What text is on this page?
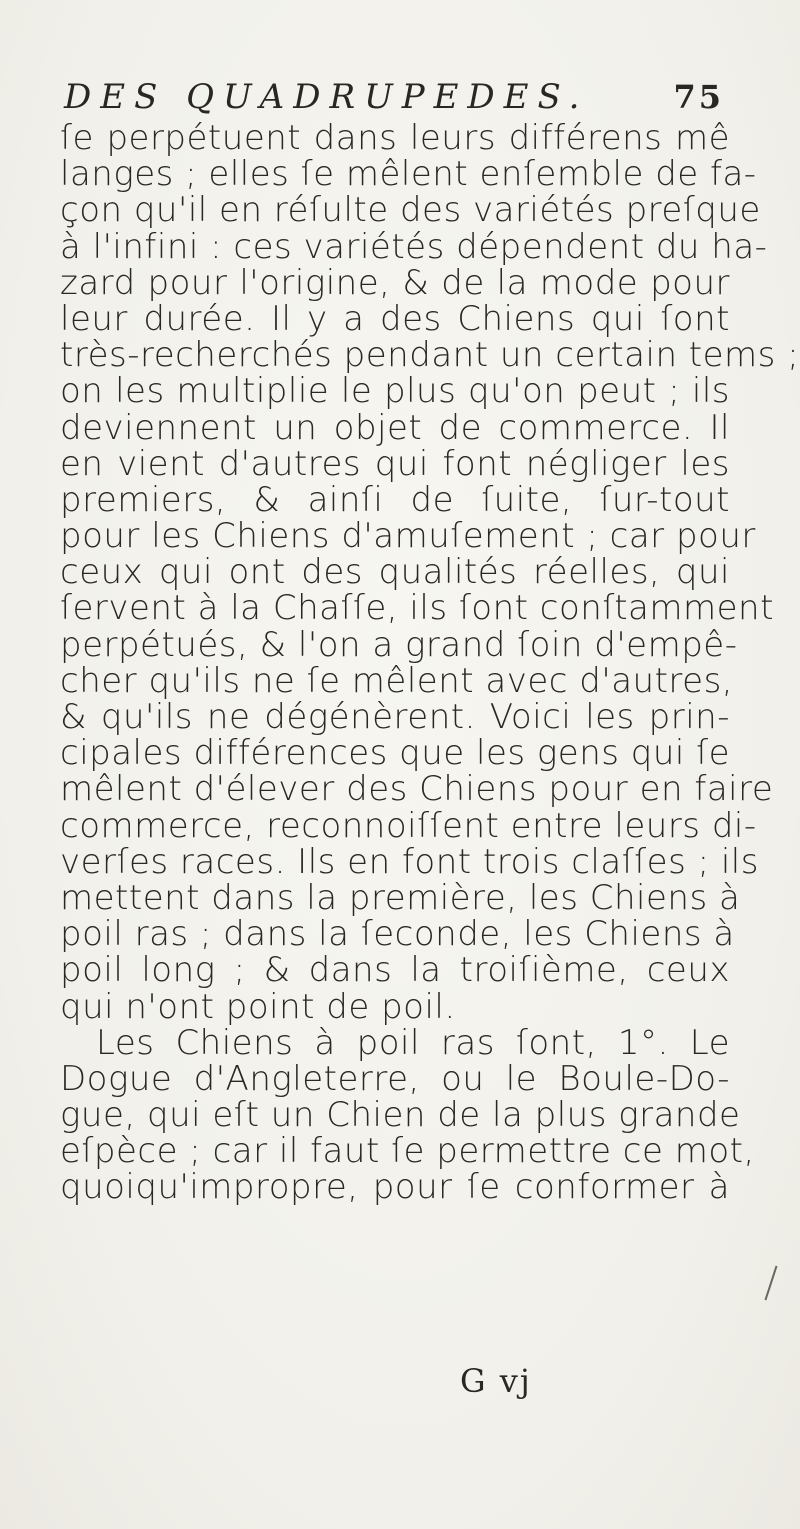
DES QUADRUPEDES.	75
ſe perpétuent dans leurs différens mê
langes ; elles ſe mêlent enſemble de fa-
çon qu'il en réſulte des variétés preſque
à l'infini : ces variétés dépendent du ha-
zard pour l'origine, & de la mode pour
leur durée. Il y a des Chiens qui ſont
très-recherchés pendant un certain tems ;
on les multiplie le plus qu'on peut ; ils
deviennent un objet de commerce. Il
en vient d'autres qui font négliger les
premiers, & ainſi de ſuite, ſur-tout
pour les Chiens d'amuſement ; car pour
ceux qui ont des qualités réelles, qui
ſervent à la Chaſſe, ils ſont conſtamment
perpétués, & l'on a grand ſoin d'empê-
cher qu'ils ne ſe mêlent avec d'autres,
& qu'ils ne dégénèrent. Voici les prin-
cipales différences que les gens qui ſe
mêlent d'élever des Chiens pour en faire
commerce, reconnoiſſent entre leurs di-
verſes races. Ils en font trois claſſes ; ils
mettent dans la première, les Chiens à
poil ras ; dans la ſeconde, les Chiens à
poil long ; & dans la troiſième, ceux
qui n'ont point de poil.
Les Chiens à poil ras ſont, 1°. Le
Dogue d'Angleterre, ou le Boule-Do-
gue, qui eſt un Chien de la plus grande
eſpèce ; car il faut ſe permettre ce mot,
quoiqu'impropre, pour ſe conformer à
G vj
